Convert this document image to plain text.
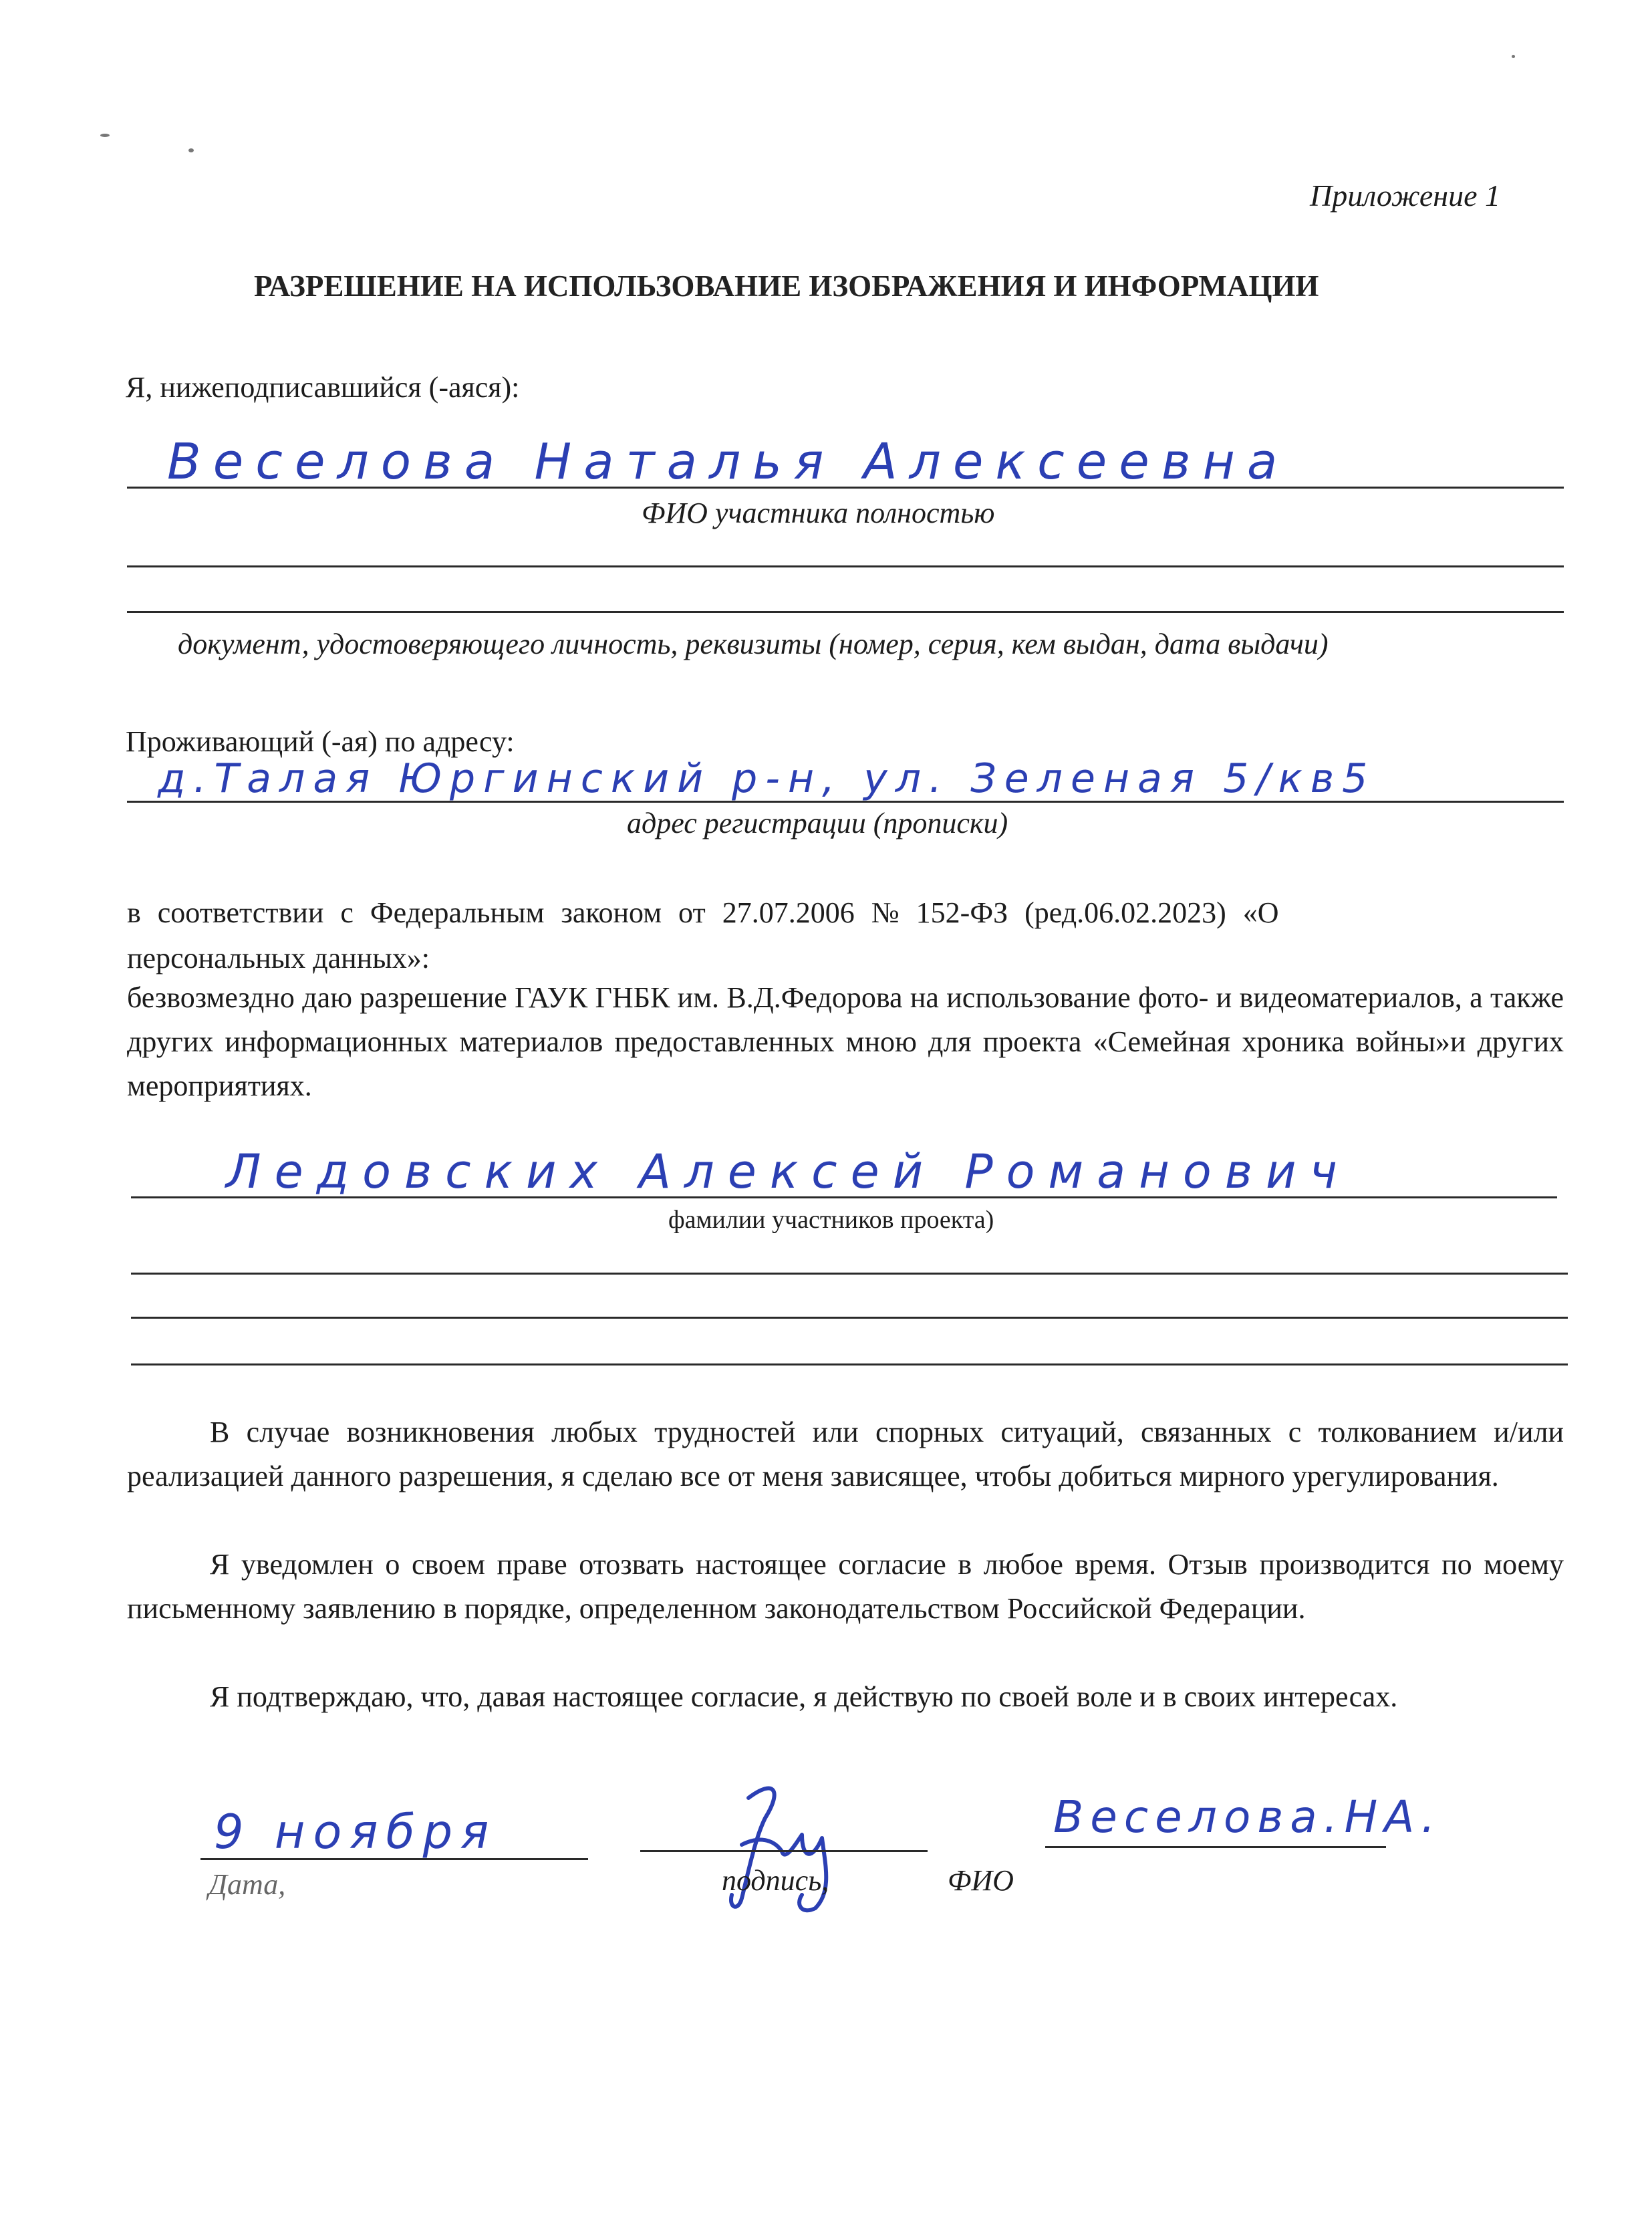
Приложение 1
РАЗРЕШЕНИЕ НА ИСПОЛЬЗОВАНИЕ ИЗОБРАЖЕНИЯ И ИНФОРМАЦИИ
Я, нижеподписавшийся (-аяся):
Веселова Наталья Алексеевна
ФИО участника полностью
документ, удостоверяющего личность, реквизиты (номер, серия, кем выдан, дата выдачи)
Проживающий (-ая) по адресу:
д.Талая Юргинский р-н, ул. Зеленая 5/кв5
адрес регистрации (прописки)
в соответствии с Федеральным законом от 27.07.2006 № 152-ФЗ (ред.06.02.2023) «О
персональных данных»:
безвозмездно даю разрешение ГАУК ГНБК им. В.Д.Федорова на использование фото- и видеоматериалов, а также других информационных материалов предоставленных мною для проекта «Семейная хроника войны»и других мероприятиях.
Ледовских Алексей Романович
фамилии участников проекта)
В случае возникновения любых трудностей или спорных ситуаций, связанных с толкованием и/или реализацией данного разрешения, я сделаю все от меня зависящее, чтобы добиться мирного урегулирования.
Я уведомлен о своем праве отозвать настоящее согласие в любое время. Отзыв производится по моему письменному заявлению в порядке, определенном законодательством Российской Федерации.
Я подтверждаю, что, давая настоящее согласие, я действую по своей воле и в своих интересах.
9 ноября
Дата,	подпись,	ФИО
Веселова.НА.
